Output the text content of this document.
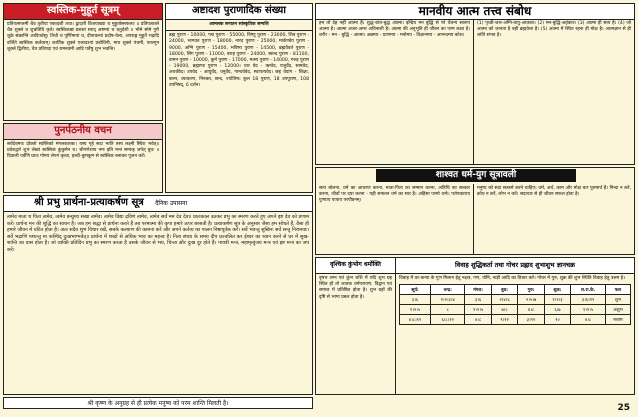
स्वस्तिक-मुहूर्त सूत्रम्
प्रतिपत्सप्तमी चैव तृतीया एकादशी तथा। द्वादशी विजयाख्या च मुहूर्तास्सफलाः ॥ प्रतिपत्काले चैव शुक्ले च शुभ्रतिथि कृते। स्वस्तिकाद्यं प्रशस्तं स्याद् अष्टम्यां च चतुर्दशी ॥ भौमे सोमे गुरौ शुक्रे संक्रान्ति आदिपर्वसु। तिथौ च पूर्णिमायां च, दीपावल्यां प्रदोष-वेला, अपराह्न मुहूर्ते भद्रादि वर्जिते स्वस्तिक कर्तव्यम्। कार्तिक शुक्ले एकादश्यां प्रबोधिनी, माघ शुक्ले पंचमी, फाल्गुन शुक्ले द्वितीया, चैत्र प्रतिपदा एवं रामनवमी आदि पर्वेषु शुभ भवन्ति।
पुनर्पठनीय वचन
सर्वदेवमयः प्रोक्तो स्वस्तिको मंगलकारकः। यस्य गृहे सदा भाति तस्य लक्ष्मी स्थिरा भवेत्॥ प्रवेशद्वारे शुभं लेख्यं स्वस्तिकं कुंकुमेन च। श्रीगणेशाय नमः इति मन्त्रं सम्यक् जपेत् बुधः ॥ दिवाली पर्वणि प्रातः गोमय लेपनं कृत्वा, हल्दी-कुमकुम से स्वस्तिक बनाकर पूजन करें।
श्री प्रभु प्रार्थना-प्रत्याकर्षण सूत्र दैनिक उपासना
त्वमेव माता च पिता त्वमेव, त्वमेव बन्धुश्च सखा त्वमेव। त्वमेव विद्या द्रविणं त्वमेव, त्वमेव सर्वं मम देव देव॥ प्रातःकाल उठकर प्रभु का स्मरण करते हुए अपने इष्ट देव को प्रणाम करें। प्रार्थना मन की शुद्धि का साधन है। जब हम श्रद्धा से प्रार्थना करते हैं तब परमात्मा की कृपा हमारे ऊपर बरसती है। प्रत्याकर्षण सूत्र के अनुसार जैसा हम सोचते हैं, वैसा ही हमारे जीवन में घटित होता है। अतः सदैव शुभ विचार रखें, सबके कल्याण की कामना करें और अपने कर्तव्य का पालन निष्ठापूर्वक करें। सर्वे भवन्तु सुखिनः सर्वे सन्तु निरामयाः। सर्वे भद्राणि पश्यन्तु मा कश्चिद् दुःखभाग्भवेत्॥ प्रार्थना में शब्दों से अधिक भाव का महत्त्व है। नित्य संध्या के समय दीप प्रज्वलित कर ईश्वर का ध्यान करने से घर में सुख-शान्ति का वास होता है। जो व्यक्ति प्रतिदिन प्रभु का स्मरण करता है उसके जीवन से भय, चिन्ता और दुःख दूर होते हैं। गायत्री मन्त्र, महामृत्युंजय मन्त्र एवं इष्ट मन्त्र का जप करें।
अष्टादश पुराणादिक संख्या
आमलक सनातन सांस्कृतिक सम्पत्ति
ब्रह्म पुराण - 10000, पद्म पुराण - 55000, विष्णु पुराण - 23000, शिव पुराण - 24000, भागवत पुराण - 18000, नारद पुराण - 25000, मार्कण्डेय पुराण - 9000, अग्नि पुराण - 15400, भविष्य पुराण - 14500, ब्रह्मवैवर्त पुराण - 18000, लिंग पुराण - 11000, वराह पुराण - 24000, स्कन्द पुराण - 81100, वामन पुराण - 10000, कूर्म पुराण - 17000, मत्स्य पुराण - 14000, गरुड़ पुराण - 19000, ब्रह्माण्ड पुराण - 12000। चार वेद - ऋग्वेद, यजुर्वेद, सामवेद, अथर्ववेद। उपवेद - आयुर्वेद, धनुर्वेद, गान्धर्ववेद, स्थापत्यवेद। छह वेदांग - शिक्षा, कल्प, व्याकरण, निरुक्त, छन्द, ज्योतिष। कुल 18 पुराण, 18 उपपुराण, 108 उपनिषद्, 6 दर्शन।
मानवीय आत्म तत्त्व संबोध
हम तो देह नहीं आत्मा हैं। शुद्ध-शांत-बुद्ध आत्मा। इन्द्रिय मन बुद्धि से परे चैतन्य स्वरूप आत्मा है। आत्मा अजर-अमर अविनाशी है। आत्मा की अनुभूति ही जीवन का परम लक्ष्य है। शरीर - मन - बुद्धि - आत्मा। अन्नमय - प्राणमय - मनोमय - विज्ञानमय - आनन्दमय कोश।
(1) पृथ्वी-जल-अग्नि-वायु-आकाश। (2) मन-बुद्धि-अहंकार। (3) आत्मा ही सत्य है। (4) जो आत्मा को जानता है वही ब्रह्मवेत्ता है। (5) आत्मा में स्थित रहना ही मोक्ष है। आत्मज्ञान से ही शांति संभव है।
शाश्वत धर्म-युग सूत्रावली
सत्य बोलना, धर्म का आचरण करना, माता-पिता का सम्मान करना, अतिथि का सत्कार करना, जीवों पर दया करना - यही सनातन धर्म का सार है। अहिंसा परमो धर्मः। परोपकाराय पुण्याय पापाय परपीडनम्।
मनुष्य को सदा सत्कर्म करने चाहिए। धर्म, अर्थ, काम और मोक्ष चार पुरुषार्थ हैं। निन्दा न करें, क्रोध न करें, लोभ न करें। सदाचार से ही जीवन सफल होता है।
वृश्चिक कुंभोग धर्मोक्ति
वृषभ लग्न एवं कुंभ राशि में यदि शुभ ग्रह स्थित हों तो जातक धर्मपरायण, विद्वान एवं समाज में प्रतिष्ठित होता है। शुभ ग्रहों की दृष्टि से भाग्य प्रबल होता है।
विवाह शुद्धिकर्ता तथा गोचर प्रह्लाद शुभाशुभ ज्ञानचक्र
विवाह में वर-कन्या के गुण मिलान हेतु नक्षत्र, गण, योनि, नाड़ी आदि का विचार करें। गोचर में गुरु, शुक्र की शुभ स्थिति विवाह हेतु उत्तम है।
सूर्य:	चन्द्र:	मंगल:	बुध:	गुरु:	शुक्र:	श.रा.के.	फल
३।६	१।२।३।४	३।६	२।४।६	२।५।७	१।२।३	३।६।११	शुभ
१।२।५	८	१।२।५	७।८	४।८	६।७	१।२।५	अशुभ
४।८।१२	६।८।१२	४।८	९।१२	३।१२	१०	४।८	मध्यम
श्री कृष्ण के अनुग्रह से ही प्रत्येक मनुष्य को परम शान्ति मिलती है।	25
